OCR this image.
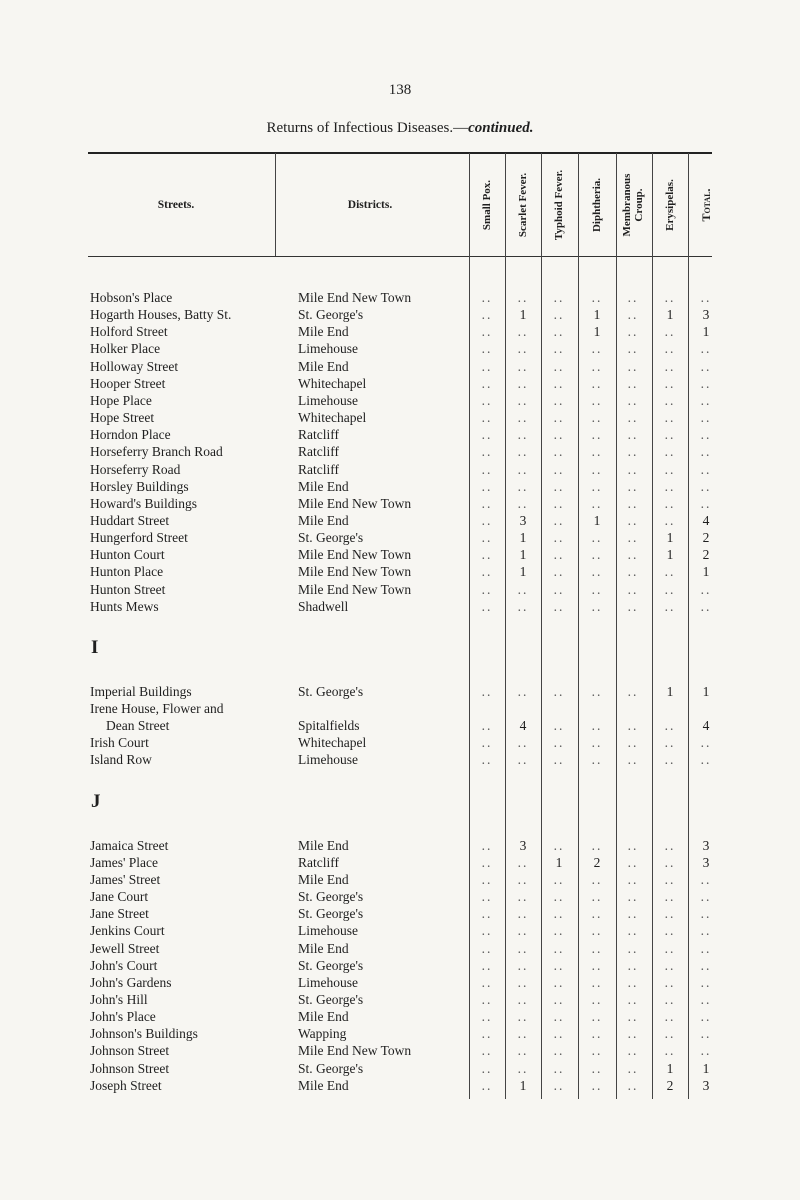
138
Returns of Infectious Diseases.—continued.
Streets.	Districts.	Small Pox. Scarlet Fever. Typhoid Fever. Diphtheria. Membranous Croup. Erysipelas. Total.
Hobson's Place	Mile End New Town	.. .. .. .. .. .. ..
Hogarth Houses, Batty St.	St. George's	.. 1 .. 1 .. 1 3
Holford Street	Mile End	.. .. .. 1 .. .. 1
Holker Place	Limehouse	.. .. .. .. .. .. ..
Holloway Street	Mile End	.. .. .. .. .. .. ..
Hooper Street	Whitechapel	.. .. .. .. .. .. ..
Hope Place	Limehouse	.. .. .. .. .. .. ..
Hope Street	Whitechapel	.. .. .. .. .. .. ..
Horndon Place	Ratcliff	.. .. .. .. .. .. ..
Horseferry Branch Road	Ratcliff	.. .. .. .. .. .. ..
Horseferry Road	Ratcliff	.. .. .. .. .. .. ..
Horsley Buildings	Mile End	.. .. .. .. .. .. ..
Howard's Buildings	Mile End New Town	.. .. .. .. .. .. ..
Huddart Street	Mile End	.. 3 .. 1 .. .. 4
Hungerford Street	St. George's	.. 1 .. .. .. 1 2
Hunton Court	Mile End New Town	.. 1 .. .. .. 1 2
Hunton Place	Mile End New Town	.. 1 .. .. .. .. 1
Hunton Street	Mile End New Town	.. .. .. .. .. .. ..
Hunts Mews	Shadwell	.. .. .. .. .. .. ..
I
Imperial Buildings	St. George's	.. .. .. .. .. 1 1
Irene House, Flower and
Dean Street	Spitalfields	.. 4 .. .. .. .. 4
Irish Court	Whitechapel	.. .. .. .. .. .. ..
Island Row	Limehouse	.. .. .. .. .. .. ..
J
Jamaica Street	Mile End	.. 3 .. .. .. .. 3
James' Place	Ratcliff	.. .. 1 2 .. .. 3
James' Street	Mile End	.. .. .. .. .. .. ..
Jane Court	St. George's	.. .. .. .. .. .. ..
Jane Street	St. George's	.. .. .. .. .. .. ..
Jenkins Court	Limehouse	.. .. .. .. .. .. ..
Jewell Street	Mile End	.. .. .. .. .. .. ..
John's Court	St. George's	.. .. .. .. .. .. ..
John's Gardens	Limehouse	.. .. .. .. .. .. ..
John's Hill	St. George's	.. .. .. .. .. .. ..
John's Place	Mile End	.. .. .. .. .. .. ..
Johnson's Buildings	Wapping	.. .. .. .. .. .. ..
Johnson Street	Mile End New Town	.. .. .. .. .. .. ..
Johnson Street	St. George's	.. .. .. .. .. 1 1
Joseph Street	Mile End	.. 1 .. .. .. 2 3
